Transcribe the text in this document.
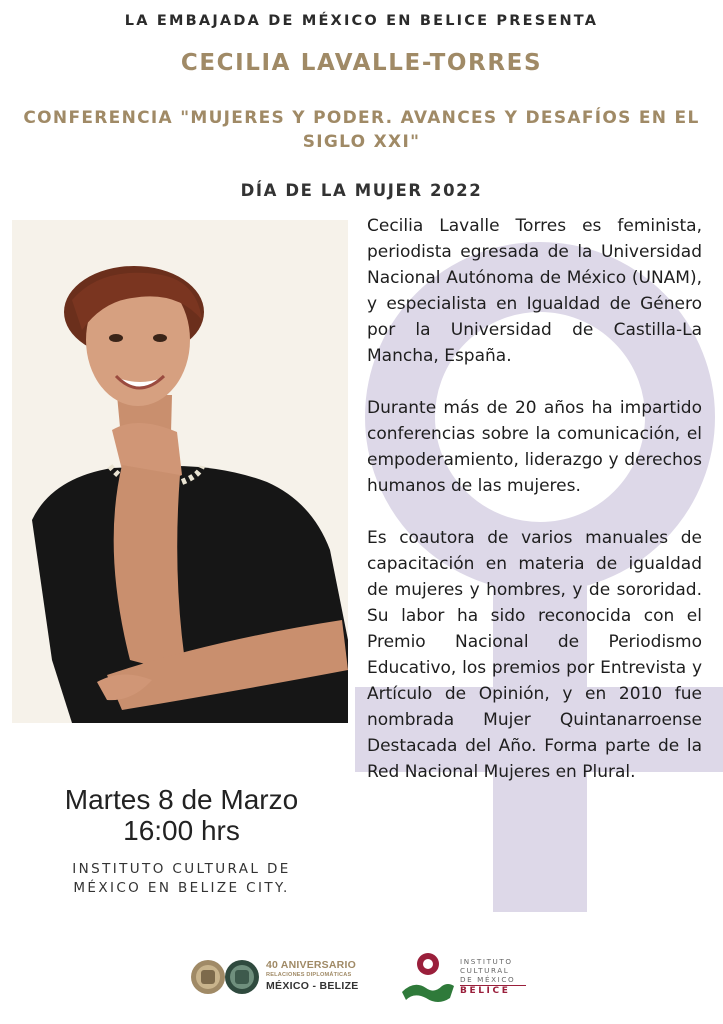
LA EMBAJADA DE MÉXICO EN BELICE PRESENTA
CECILIA LAVALLE-TORRES
CONFERENCIA "MUJERES Y PODER. AVANCES Y DESAFÍOS EN EL SIGLO XXI"
DÍA DE LA MUJER 2022

Cecilia Lavalle Torres es feminista, periodista egresada de la Universidad Nacional Autónoma de México (UNAM), y especialista en Igualdad de Género por la Universidad de Castilla-La Mancha, España.

Durante más de 20 años ha impartido conferencias sobre la comunicación, el empoderamiento, liderazgo y derechos humanos de las mujeres.

Es coautora de varios manuales de capacitación en materia de igualdad de mujeres y hombres, y de sororidad. Su labor ha sido reconocida con el Premio Nacional de Periodismo Educativo, los premios por Entrevista y Artículo de Opinión, y en 2010 fue nombrada Mujer Quintanarroense Destacada del Año. Forma parte de la Red Nacional Mujeres en Plural.

Martes 8 de Marzo
16:00 hrs
INSTITUTO CULTURAL DE
MÉXICO EN BELIZE CITY.
40 ANIVERSARIO
RELACIONES DIPLOMÁTICAS
MÉXICO - BELIZE
INSTITUTO
CULTURAL
DE MÉXICO
BELICE
